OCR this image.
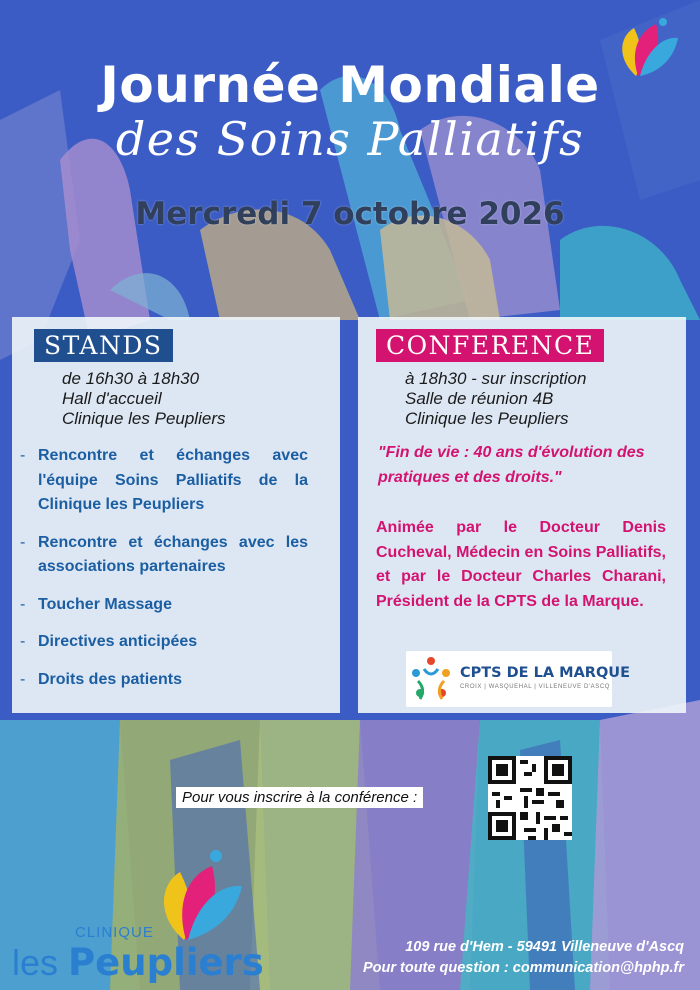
Journée Mondiale
des Soins Palliatifs
Mercredi 7 octobre 2026
STANDS
de 16h30 à 18h30
Hall d'accueil
Clinique les Peupliers
- Rencontre et échanges avec l'équipe Soins Palliatifs de la Clinique les Peupliers
- Rencontre et échanges avec les associations partenaires
- Toucher Massage
- Directives anticipées
- Droits des patients
CONFERENCE
à 18h30 - sur inscription
Salle de réunion 4B
Clinique les Peupliers
"Fin de vie : 40 ans d'évolution des pratiques et des droits."
Animée par le Docteur Denis Cucheval, Médecin en Soins Palliatifs, et par le Docteur Charles Charani, Président de la CPTS de la Marque.
CPTS DE LA MARQUE
CROIX | WASQUEHAL | VILLENEUVE D'ASCQ
Pour vous inscrire à la conférence :
CLINIQUE
les Peupliers	109 rue d'Hem - 59491 Villeneuve d'Ascq
Pour toute question : communication@hphp.fr
